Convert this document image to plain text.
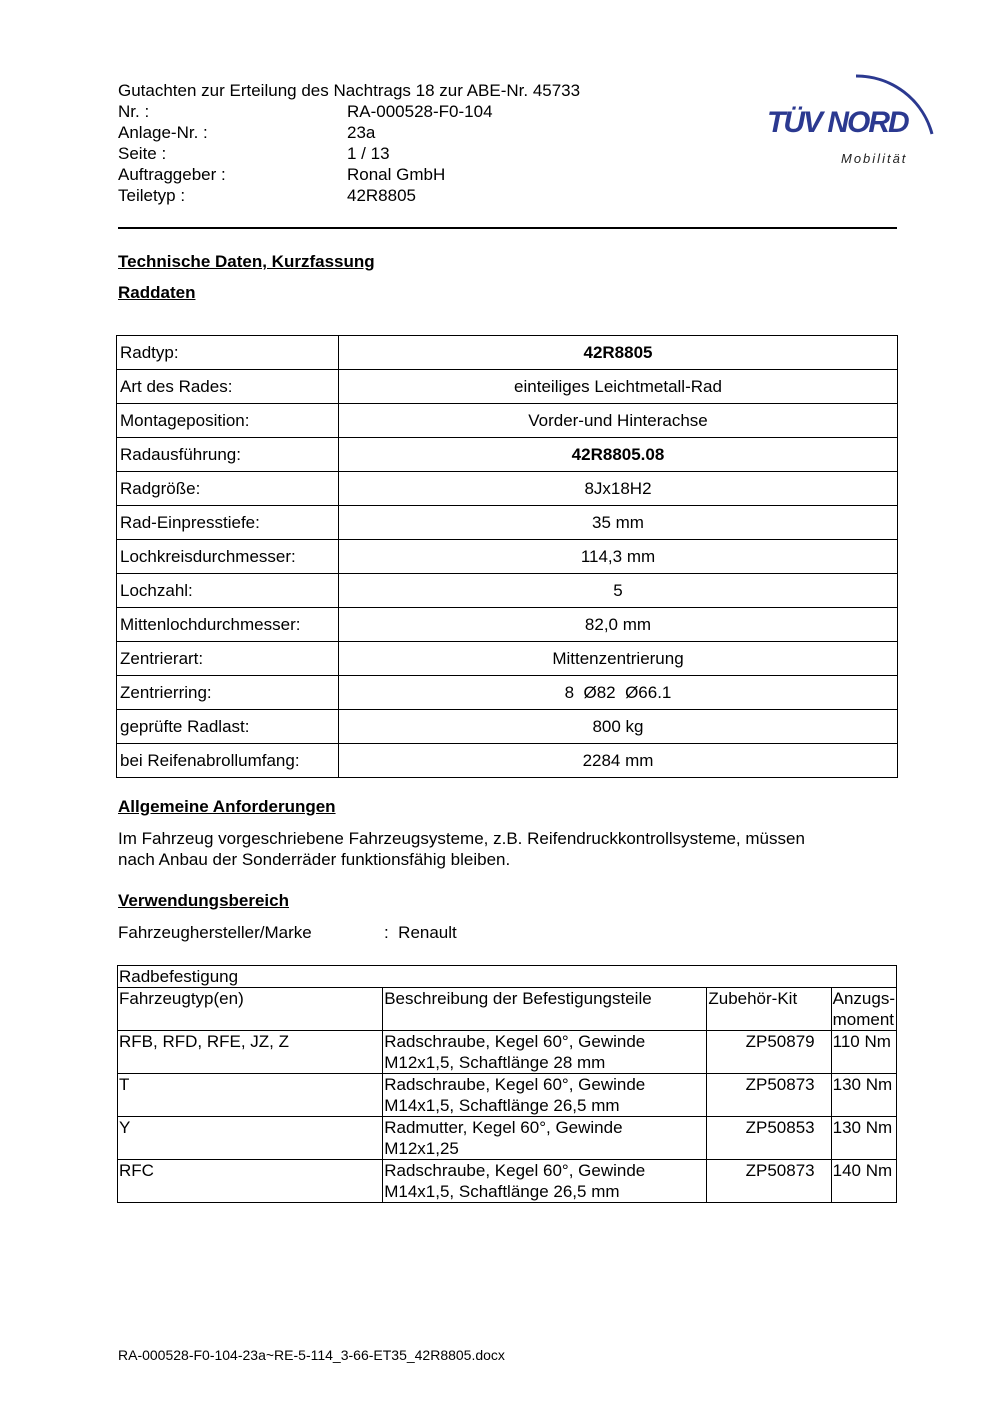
Gutachten zur Erteilung des Nachtrags 18 zur ABE-Nr. 45733
Nr. :	RA-000528-F0-104
Anlage-Nr. :	23a
Seite :	1 / 13
Auftraggeber :	Ronal GmbH
Teiletyp :	42R8805
TÜV NORD
Mobilität
Technische Daten, Kurzfassung
Raddaten
Radtyp:	42R8805
Art des Rades:	einteiliges Leichtmetall-Rad
Montageposition:	Vorder-und Hinterachse
Radausführung:	42R8805.08
Radgröße:	8Jx18H2
Rad-Einpresstiefe:	35 mm
Lochkreisdurchmesser:	114,3 mm
Lochzahl:	5
Mittenlochdurchmesser:	82,0 mm
Zentrierart:	Mittenzentrierung
Zentrierring:	8  Ø82  Ø66.1
geprüfte Radlast:	800 kg
bei Reifenabrollumfang:	2284 mm
Allgemeine Anforderungen
Im Fahrzeug vorgeschriebene Fahrzeugsysteme, z.B. Reifendruckkontrollsysteme, müssen
nach Anbau der Sonderräder funktionsfähig bleiben.
Verwendungsbereich
Fahrzeughersteller/Marke	:  Renault
Radbefestigung			
Fahrzeugtyp(en)	Beschreibung der Befestigungsteile	Zubehör-Kit	Anzugs-
moment

RFB, RFD, RFE, JZ, Z	Radschraube, Kegel 60°, Gewinde
M12x1,5, Schaftlänge 28 mm	ZP50879	110 Nm
T	Radschraube, Kegel 60°, Gewinde
M14x1,5, Schaftlänge 26,5 mm	ZP50873	130 Nm
Y	Radmutter, Kegel 60°, Gewinde
M12x1,25	ZP50853	130 Nm
RFC	Radschraube, Kegel 60°, Gewinde
M14x1,5, Schaftlänge 26,5 mm	ZP50873	140 Nm
RA-000528-F0-104-23a~RE-5-114_3-66-ET35_42R8805.docx
